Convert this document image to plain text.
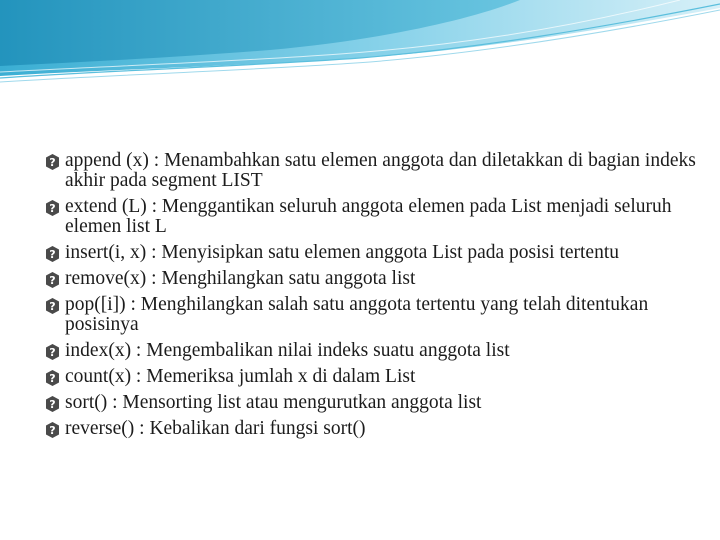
?
append (x) : Menambahkan satu elemen anggota dan diletakkan di bagian indeks akhir pada segment LIST
?
extend (L) : Menggantikan seluruh anggota elemen pada List menjadi seluruh elemen list L
?
insert(i, x) : Menyisipkan satu elemen anggota List pada posisi tertentu
?
remove(x) : Menghilangkan satu anggota list
?
pop([i]) : Menghilangkan salah satu anggota tertentu yang telah ditentukan posisinya
?
index(x) : Mengembalikan nilai indeks suatu anggota list
?
count(x) : Memeriksa jumlah x di dalam List
?
sort() : Mensorting list atau mengurutkan anggota list
?
reverse() : Kebalikan dari fungsi sort()
